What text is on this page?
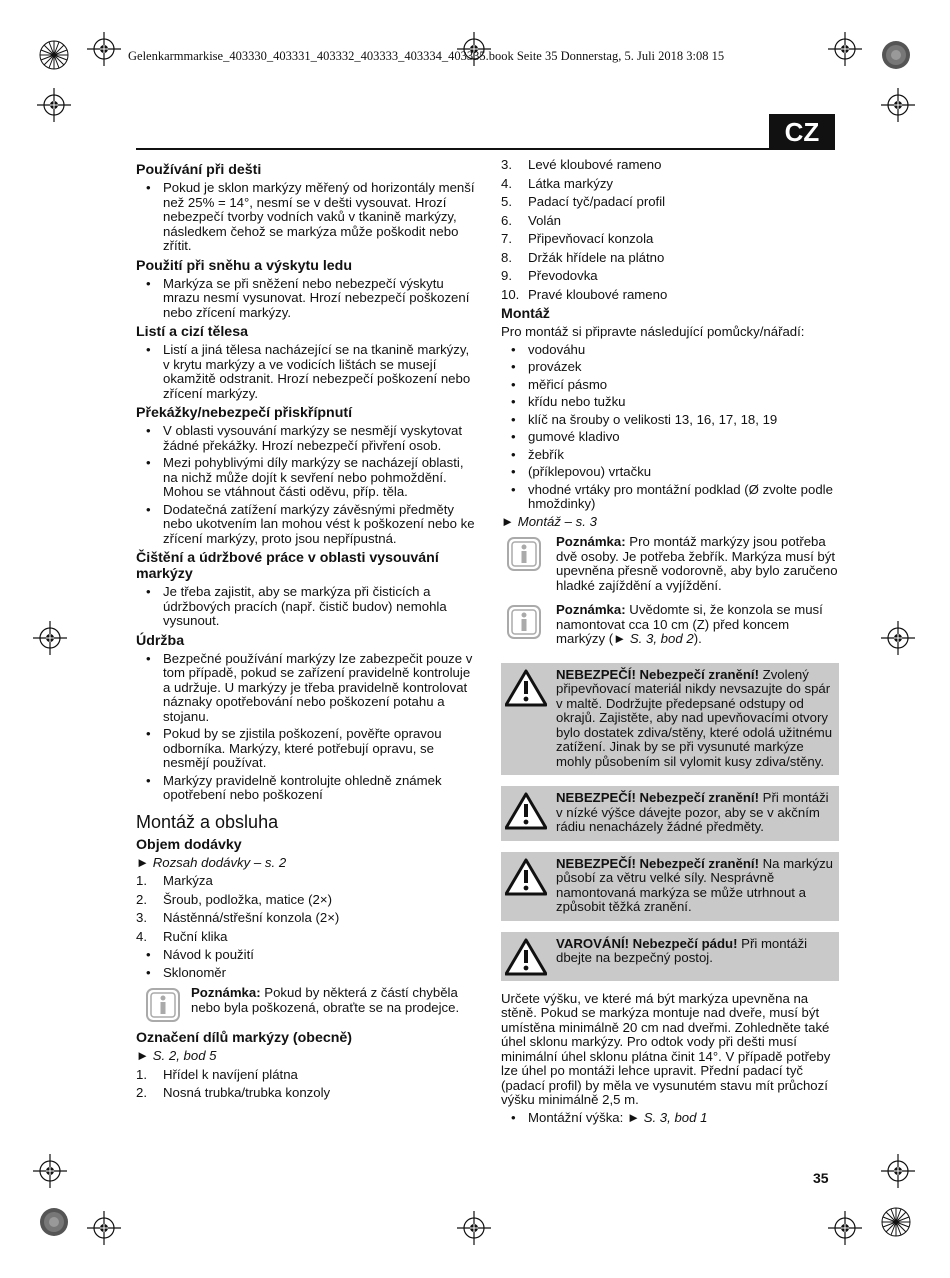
Gelenkarmmarkise_403330_403331_403332_403333_403334_403335.book Seite 35 Donnerstag, 5. Juli 2018 3:08 15
CZ
Používání při dešti
• Pokud je sklon markýzy měřený od horizontály menší než 25% = 14°, nesmí se v dešti vysouvat. Hrozí nebezpečí tvorby vodních vaků v tkanině markýzy, následkem čehož se markýza může poškodit nebo zřítit.
Použití při sněhu a výskytu ledu
• Markýza se při sněžení nebo nebezpečí výskytu mrazu nesmí vysunovat. Hrozí nebezpečí poškození nebo zřícení markýzy.
Listí a cizí tělesa
• Listí a jiná tělesa nacházející se na tkanině markýzy, v krytu markýzy a ve vodicích lištách se musejí okamžitě odstranit. Hrozí nebezpečí poškození nebo zřícení markýzy.
Překážky/nebezpečí přiskřípnutí
• V oblasti vysouvání markýzy se nesmějí vyskytovat žádné překážky. Hrozí nebezpečí přivření osob.
• Mezi pohyblivými díly markýzy se nacházejí oblasti, na nichž může dojít k sevření nebo pohmoždění. Mohou se vtáhnout části oděvu, příp. těla.
• Dodatečná zatížení markýzy závěsnými předměty nebo ukotvením lan mohou vést k poškození nebo ke zřícení markýzy, proto jsou nepřípustná.
Čištění a údržbové práce v oblasti vysouvání markýzy
• Je třeba zajistit, aby se markýza při čisticích a údržbových pracích (např. čistič budov) nemohla vysunout.
Údržba
• Bezpečné používání markýzy lze zabezpečit pouze v tom případě, pokud se zařízení pravidelně kontroluje a udržuje. U markýzy je třeba pravidelně kontrolovat náznaky opotřebování nebo poškození potahu a stojanu.
• Pokud by se zjistila poškození, pověřte opravou odborníka. Markýzy, které potřebují opravu, se nesmějí používat.
• Markýzy pravidelně kontrolujte ohledně známek opotřebení nebo poškození
Montáž a obsluha
Objem dodávky
► Rozsah dodávky – s. 2
1. Markýza
2. Šroub, podložka, matice (2×)
3. Nástěnná/střešní konzola (2×)
4. Ruční klika
• Návod k použití
• Sklonoměr
Poznámka: Pokud by některá z částí chyběla nebo byla poškozená, obraťte se na prodejce.
Označení dílů markýzy (obecně)
► S. 2, bod 5
1. Hřídel k navíjení plátna
2. Nosná trubka/trubka konzoly
3. Levé kloubové rameno
4. Látka markýzy
5. Padací tyč/padací profil
6. Volán
7. Připevňovací konzola
8. Držák hřídele na plátno
9. Převodovka
10. Pravé kloubové rameno
Montáž

Pro montáž si připravte následující pomůcky/nářadí:

• vodováhu
• provázek
• měřicí pásmo
• křídu nebo tužku
• klíč na šrouby o velikosti 13, 16, 17, 18, 19
• gumové kladivo
• žebřík
• (příklepovou) vrtačku
• vhodné vrtáky pro montážní podklad (Ø zvolte podle hmoždinky)
► Montáž – s. 3
Poznámka: Pro montáž markýzy jsou potřeba dvě osoby. Je potřeba žebřík. Markýza musí být upevněna přesně vodorovně, aby bylo zaručeno hladké zajíždění a vyjíždění.
Poznámka: Uvědomte si, že konzola se musí namontovat cca 10 cm (Z) před koncem markýzy (► S. 3, bod 2).
NEBEZPEČÍ! Nebezpečí zranění! Zvolený připevňovací materiál nikdy nevsazujte do spár v maltě. Dodržujte předepsané odstupy od okrajů. Zajistěte, aby nad upevňovacími otvory bylo dostatek zdiva/stěny, které odolá užitnému zatížení. Jinak by se při vysunuté markýze mohly působením sil vylomit kusy zdiva/stěny.
NEBEZPEČÍ! Nebezpečí zranění! Při montáži v nízké výšce dávejte pozor, aby se v akčním rádiu nenacházely žádné předměty.
NEBEZPEČÍ! Nebezpečí zranění! Na markýzu působí za větru velké síly. Nesprávně namontovaná markýza se může utrhnout a způsobit těžká zranění.
VAROVÁNÍ! Nebezpečí pádu! Při montáži dbejte na bezpečný postoj.

Určete výšku, ve které má být markýza upevněna na stěně. Pokud se markýza montuje nad dveře, musí být umístěna minimálně 20 cm nad dveřmi. Zohledněte také úhel sklonu markýzy. Pro odtok vody při dešti musí minimální úhel sklonu plátna činit 14°. V případě potřeby lze úhel po montáži lehce upravit. Přední padací tyč (padací profil) by měla ve vysunutém stavu mít průchozí výšku minimálně 2,5 m.

• Montážní výška: ► S. 3, bod 1
35
